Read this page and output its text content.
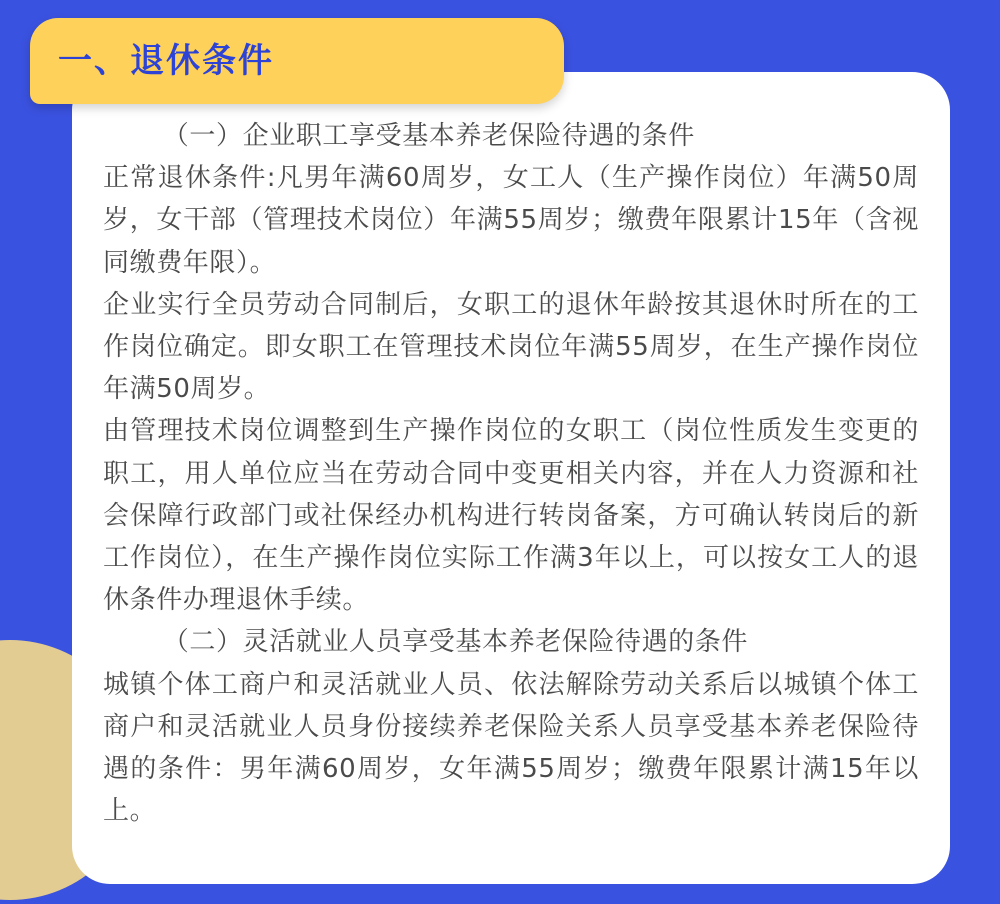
一、退休条件

（一）企业职工享受基本养老保险待遇的条件

正常退休条件:凡男年满60周岁，女工人（生产操作岗位）年满50周岁，女干部（管理技术岗位）年满55周岁；缴费年限累计15年（含视同缴费年限）。

企业实行全员劳动合同制后，女职工的退休年龄按其退休时所在的工作岗位确定。即女职工在管理技术岗位年满55周岁，在生产操作岗位年满50周岁。

由管理技术岗位调整到生产操作岗位的女职工（岗位性质发生变更的职工，用人单位应当在劳动合同中变更相关内容，并在人力资源和社会保障行政部门或社保经办机构进行转岗备案，方可确认转岗后的新工作岗位），在生产操作岗位实际工作满3年以上，可以按女工人的退休条件办理退休手续。

（二）灵活就业人员享受基本养老保险待遇的条件

城镇个体工商户和灵活就业人员、依法解除劳动关系后以城镇个体工商户和灵活就业人员身份接续养老保险关系人员享受基本养老保险待遇的条件：男年满60周岁，女年满55周岁；缴费年限累计满15年以上。
